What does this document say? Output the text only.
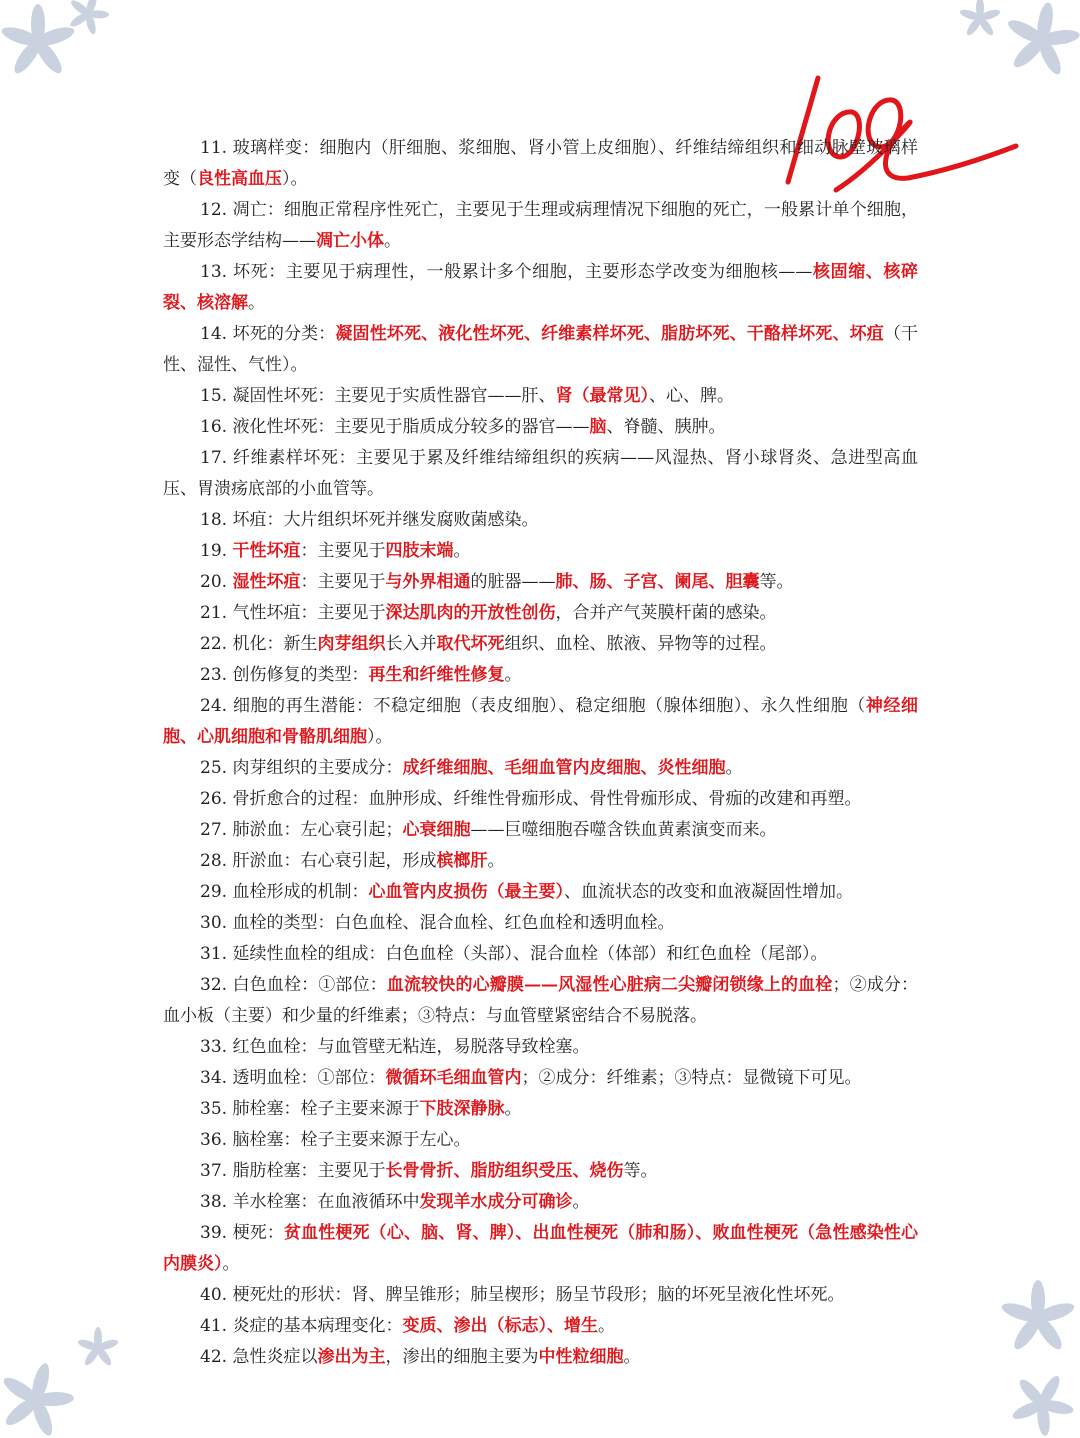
11. 玻璃样变：细胞内（肝细胞、浆细胞、肾小管上皮细胞）、纤维结缔组织和细动脉壁玻璃样变（良性高血压）。

12. 凋亡：细胞正常程序性死亡，主要见于生理或病理情况下细胞的死亡，一般累计单个细胞，主要形态学结构——凋亡小体。

13. 坏死：主要见于病理性，一般累计多个细胞，主要形态学改变为细胞核——核固缩、核碎裂、核溶解。

14. 坏死的分类：凝固性坏死、液化性坏死、纤维素样坏死、脂肪坏死、干酪样坏死、坏疽（干性、湿性、气性）。

15. 凝固性坏死：主要见于实质性器官——肝、肾（最常见）、心、脾。

16. 液化性坏死：主要见于脂质成分较多的器官——脑、脊髓、胰肿。

17. 纤维素样坏死：主要见于累及纤维结缔组织的疾病——风湿热、肾小球肾炎、急进型高血压、胃溃疡底部的小血管等。

18. 坏疽：大片组织坏死并继发腐败菌感染。

19. 干性坏疽：主要见于四肢末端。

20. 湿性坏疽：主要见于与外界相通的脏器——肺、肠、子宫、阑尾、胆囊等。

21. 气性坏疽：主要见于深达肌肉的开放性创伤，合并产气荚膜杆菌的感染。

22. 机化：新生肉芽组织长入并取代坏死组织、血栓、脓液、异物等的过程。

23. 创伤修复的类型：再生和纤维性修复。

24. 细胞的再生潜能：不稳定细胞（表皮细胞）、稳定细胞（腺体细胞）、永久性细胞（神经细胞、心肌细胞和骨骼肌细胞）。

25. 肉芽组织的主要成分：成纤维细胞、毛细血管内皮细胞、炎性细胞。

26. 骨折愈合的过程：血肿形成、纤维性骨痂形成、骨性骨痂形成、骨痂的改建和再塑。

27. 肺淤血：左心衰引起；心衰细胞——巨噬细胞吞噬含铁血黄素演变而来。

28. 肝淤血：右心衰引起，形成槟榔肝。

29. 血栓形成的机制：心血管内皮损伤（最主要）、血流状态的改变和血液凝固性增加。

30. 血栓的类型：白色血栓、混合血栓、红色血栓和透明血栓。

31. 延续性血栓的组成：白色血栓（头部）、混合血栓（体部）和红色血栓（尾部）。

32. 白色血栓：①部位：血流较快的心瓣膜——风湿性心脏病二尖瓣闭锁缘上的血栓；②成分：血小板（主要）和少量的纤维素；③特点：与血管壁紧密结合不易脱落。

33. 红色血栓：与血管壁无粘连，易脱落导致栓塞。

34. 透明血栓：①部位：微循环毛细血管内；②成分：纤维素；③特点：显微镜下可见。

35. 肺栓塞：栓子主要来源于下肢深静脉。

36. 脑栓塞：栓子主要来源于左心。

37. 脂肪栓塞：主要见于长骨骨折、脂肪组织受压、烧伤等。

38. 羊水栓塞：在血液循环中发现羊水成分可确诊。

39. 梗死：贫血性梗死（心、脑、肾、脾）、出血性梗死（肺和肠）、败血性梗死（急性感染性心内膜炎）。

40. 梗死灶的形状：肾、脾呈锥形；肺呈楔形；肠呈节段形；脑的坏死呈液化性坏死。

41. 炎症的基本病理变化：变质、渗出（标志）、增生。

42. 急性炎症以渗出为主，渗出的细胞主要为中性粒细胞。
